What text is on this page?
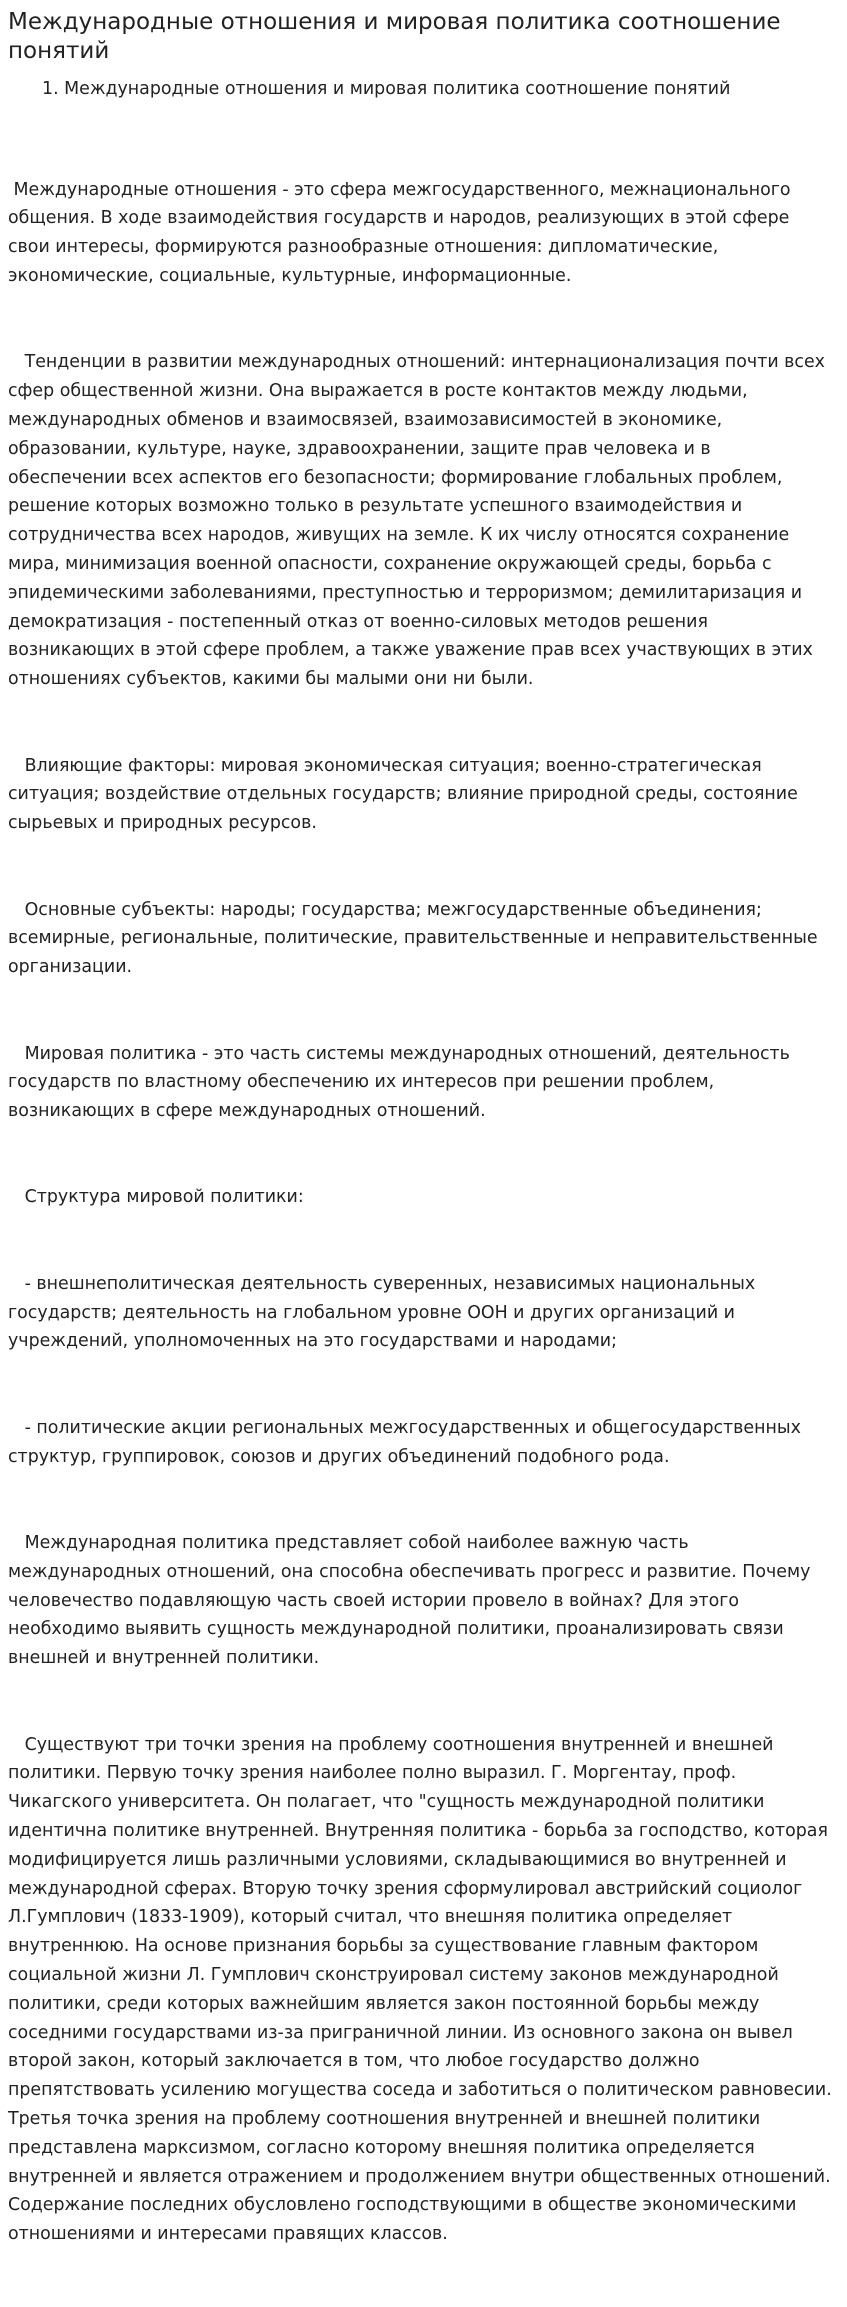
Международные отношения и мировая политика соотношение понятий
1. Международные отношения и мировая политика соотношение понятий

Международные отношения - это сфера межгосударственного, межнационального общения. В ходе взаимодействия государств и народов, реализующих в этой сфере свои интересы, формируются разнообразные отношения: дипломатические, экономические, социальные, культурные, информационные.

Тенденции в развитии международных отношений: интернационализация почти всех сфер общественной жизни. Она выражается в росте контактов между людьми, международных обменов и взаимосвязей, взаимозависимостей в экономике, образовании, культуре, науке, здравоохранении, защите прав человека и в обеспечении всех аспектов его безопасности; формирование глобальных проблем, решение которых возможно только в результате успешного взаимодействия и сотрудничества всех народов, живущих на земле. К их числу относятся сохранение мира, минимизация военной опасности, сохранение окружающей среды, борьба с эпидемическими заболеваниями, преступностью и терроризмом; демилитаризация и демократизация - постепенный отказ от военно-силовых методов решения возникающих в этой сфере проблем, а также уважение прав всех участвующих в этих отношениях субъектов, какими бы малыми они ни были.

Влияющие факторы: мировая экономическая ситуация; военно-стратегическая ситуация; воздействие отдельных государств; влияние природной среды, состояние сырьевых и природных ресурсов.

Основные субъекты: народы; государства; межгосударственные объединения; всемирные, региональные, политические, правительственные и неправительственные организации.

Мировая политика - это часть системы международных отношений, деятельность государств по властному обеспечению их интересов при решении проблем, возникающих в сфере международных отношений.

Структура мировой политики:

- внешнеполитическая деятельность суверенных, независимых национальных государств; деятельность на глобальном уровне ООН и других организаций и учреждений, уполномоченных на это государствами и народами;

- политические акции региональных межгосударственных и общегосударственных структур, группировок, союзов и других объединений подобного рода.

Международная политика представляет собой наиболее важную часть международных отношений, она способна обеспечивать прогресс и развитие. Почему человечество подавляющую часть своей истории провело в войнах? Для этого необходимо выявить сущность международной политики, проанализировать связи внешней и внутренней политики.

Существуют три точки зрения на проблему соотношения внутренней и внешней политики. Первую точку зрения наиболее полно выразил. Г. Моргентау, проф. Чикагского университета. Он полагает, что "сущность международной политики идентична политике внутренней. Внутренняя политика - борьба за господство, которая модифицируется лишь различными условиями, складывающимися во внутренней и международной сферах. Вторую точку зрения сформулировал австрийский социолог Л.Гумплович (1833-1909), который считал, что внешняя политика определяет внутреннюю. На основе признания борьбы за существование главным фактором социальной жизни Л. Гумплович сконструировал систему законов международной политики, среди которых важнейшим является закон постоянной борьбы между соседними государствами из-за приграничной линии. Из основного закона он вывел второй закон, который заключается в том, что любое государство должно препятствовать усилению могущества соседа и заботиться о политическом равновесии. Третья точка зрения на проблему соотношения внутренней и внешней политики представлена марксизмом, согласно которому внешняя политика определяется внутренней и является отражением и продолжением внутри общественных отношений. Содержание последних обусловлено господствующими в обществе экономическими отношениями и интересами правящих классов.
